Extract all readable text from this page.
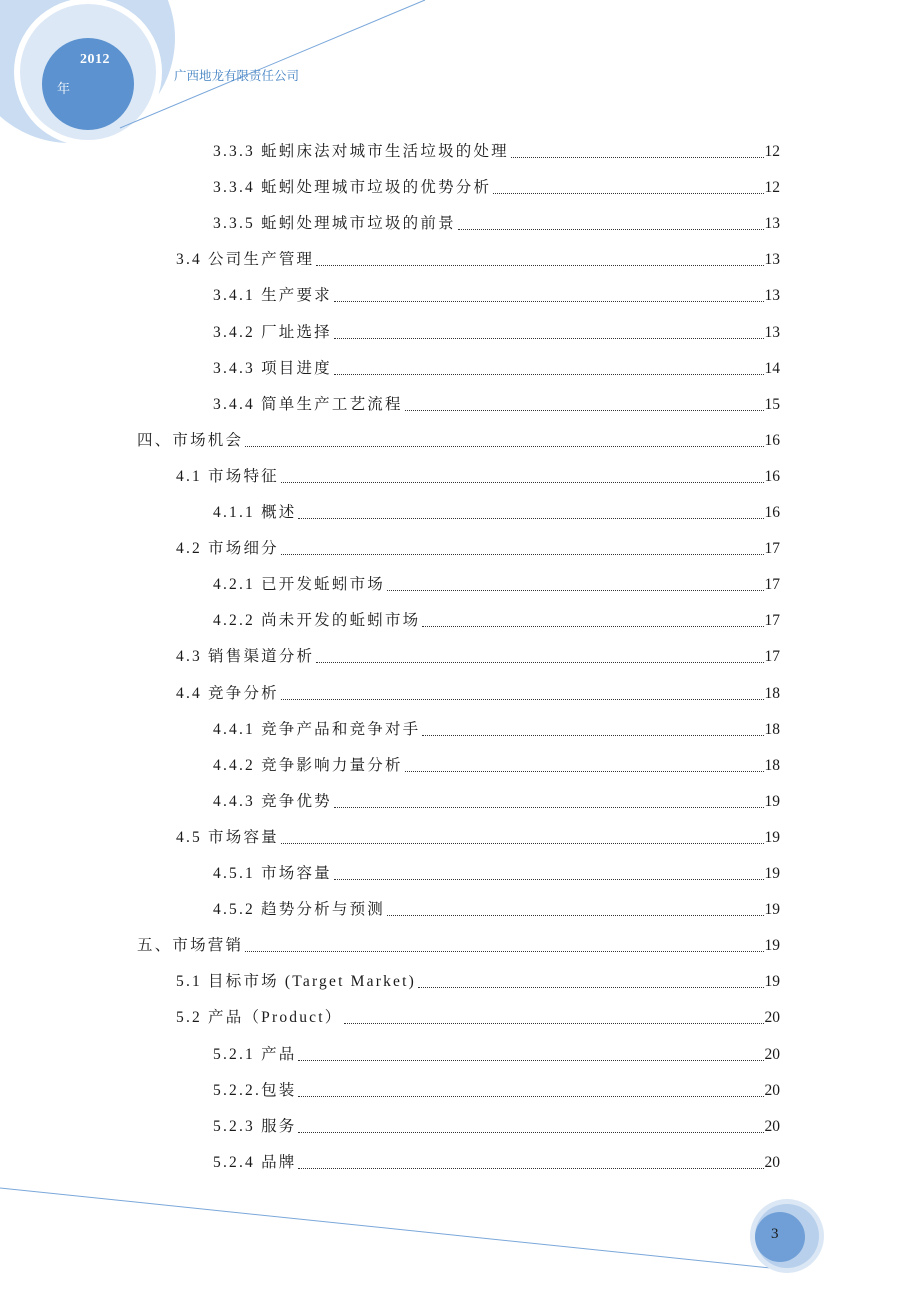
2012
年
广西地龙有限责任公司
3.3.3 蚯蚓床法对城市生活垃圾的处理	12
3.3.4 蚯蚓处理城市垃圾的优势分析	12
3.3.5 蚯蚓处理城市垃圾的前景	13
3.4 公司生产管理	13
3.4.1 生产要求	13
3.4.2 厂址选择	13
3.4.3 项目进度	14
3.4.4 简单生产工艺流程	15
四、市场机会	16
4.1 市场特征	16
4.1.1 概述	16
4.2 市场细分	17
4.2.1 已开发蚯蚓市场	17
4.2.2 尚未开发的蚯蚓市场	17
4.3 销售渠道分析	17
4.4 竞争分析	18
4.4.1 竞争产品和竞争对手	18
4.4.2 竞争影响力量分析	18
4.4.3 竞争优势	19
4.5 市场容量	19
4.5.1 市场容量	19
4.5.2 趋势分析与预测	19
五、市场营销	19
5.1 目标市场 (Target Market)	19
5.2 产品（Product）	20
5.2.1 产品	20
5.2.2.包装	20
5.2.3 服务	20
5.2.4 品牌	20
3
